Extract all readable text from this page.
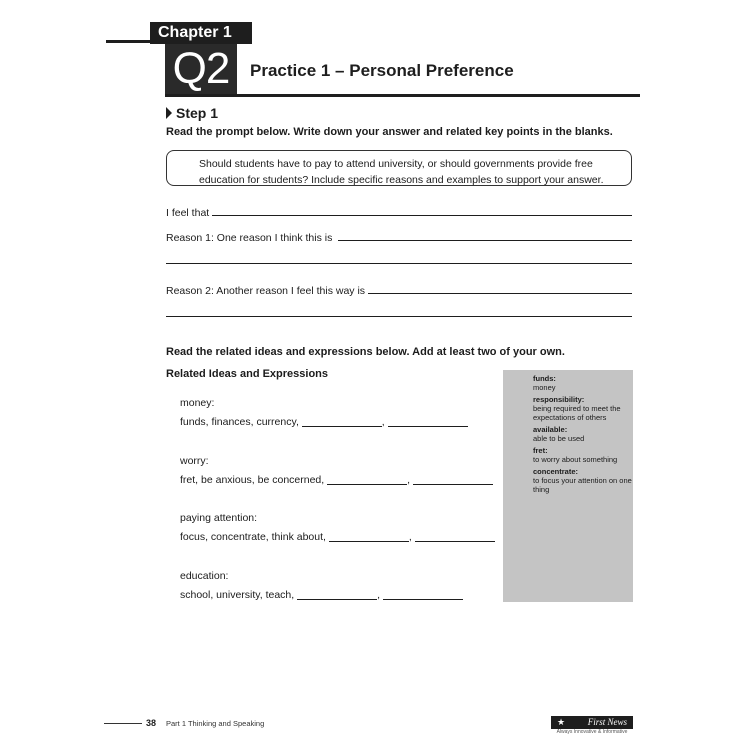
Chapter 1
Q2	Practice 1 – Personal Preference
Step 1
Read the prompt below. Write down your answer and related key points in the blanks.
Should students have to pay to attend university, or should governments provide free education for students? Include specific reasons and examples to support your answer.
I feel that
Reason 1: One reason I think this is
Reason 2: Another reason I feel this way is
Read the related ideas and expressions below. Add at least two of your own.
Related Ideas and Expressions
money:
funds, finances, currency,	,
worry:
fret, be anxious, be concerned,	,
paying attention:
focus, concentrate, think about,	,
education:
school, university, teach,	,
funds:
money
responsibility:
being required to meet the expectations of others
available:
able to be used
fret:
to worry about something
concentrate:
to focus your attention on one thing
38 Part 1 Thinking and Speaking	★	First News
Always Innovative & Informative
